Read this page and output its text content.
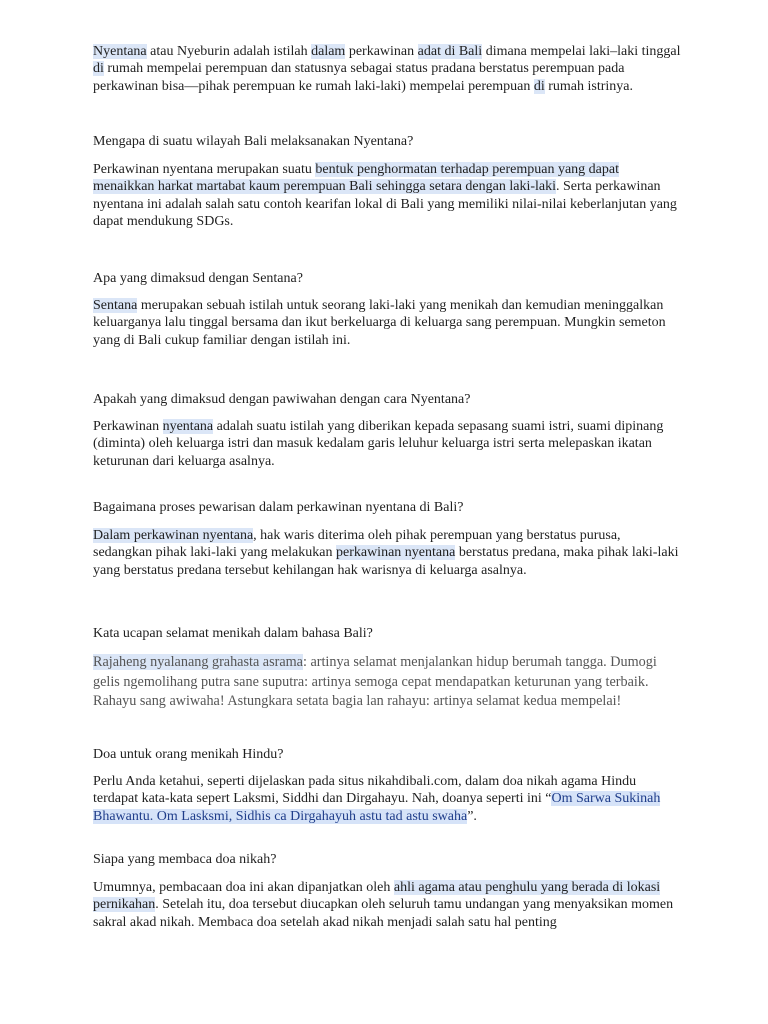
Nyentana atau Nyeburin adalah istilah dalam perkawinan adat di Bali dimana mempelai laki–laki tinggal di rumah mempelai perempuan dan statusnya sebagai status pradana berstatus perempuan pada perkawinan bisa—pihak perempuan ke rumah laki-laki) mempelai perempuan di rumah istrinya.

Mengapa di suatu wilayah Bali melaksanakan Nyentana?

Perkawinan nyentana merupakan suatu bentuk penghormatan terhadap perempuan yang dapat menaikkan harkat martabat kaum perempuan Bali sehingga setara dengan laki-laki. Serta perkawinan nyentana ini adalah salah satu contoh kearifan lokal di Bali yang memiliki nilai-nilai keberlanjutan yang dapat mendukung SDGs.

Apa yang dimaksud dengan Sentana?

Sentana merupakan sebuah istilah untuk seorang laki-laki yang menikah dan kemudian meninggalkan keluarganya lalu tinggal bersama dan ikut berkeluarga di keluarga sang perempuan. Mungkin semeton yang di Bali cukup familiar dengan istilah ini.

Apakah yang dimaksud dengan pawiwahan dengan cara Nyentana?

Perkawinan nyentana adalah suatu istilah yang diberikan kepada sepasang suami istri, suami dipinang (diminta) oleh keluarga istri dan masuk kedalam garis leluhur keluarga istri serta melepaskan ikatan keturunan dari keluarga asalnya.

Bagaimana proses pewarisan dalam perkawinan nyentana di Bali?

Dalam perkawinan nyentana, hak waris diterima oleh pihak perempuan yang berstatus purusa, sedangkan pihak laki-laki yang melakukan perkawinan nyentana berstatus predana, maka pihak laki-laki yang berstatus predana tersebut kehilangan hak warisnya di keluarga asalnya.

Kata ucapan selamat menikah dalam bahasa Bali?

Rajaheng nyalanang grahasta asrama: artinya selamat menjalankan hidup berumah tangga. Dumogi gelis ngemolihang putra sane suputra: artinya semoga cepat mendapatkan keturunan yang terbaik. Rahayu sang awiwaha! Astungkara setata bagia lan rahayu: artinya selamat kedua mempelai!

Doa untuk orang menikah Hindu?

Perlu Anda ketahui, seperti dijelaskan pada situs nikahdibali.com, dalam doa nikah agama Hindu terdapat kata-kata sepert Laksmi, Siddhi dan Dirgahayu. Nah, doanya seperti ini “Om Sarwa Sukinah Bhawantu. Om Lasksmi, Sidhis ca Dirgahayuh astu tad astu swaha”.

Siapa yang membaca doa nikah?

Umumnya, pembacaan doa ini akan dipanjatkan oleh ahli agama atau penghulu yang berada di lokasi pernikahan. Setelah itu, doa tersebut diucapkan oleh seluruh tamu undangan yang menyaksikan momen sakral akad nikah. Membaca doa setelah akad nikah menjadi salah satu hal penting
